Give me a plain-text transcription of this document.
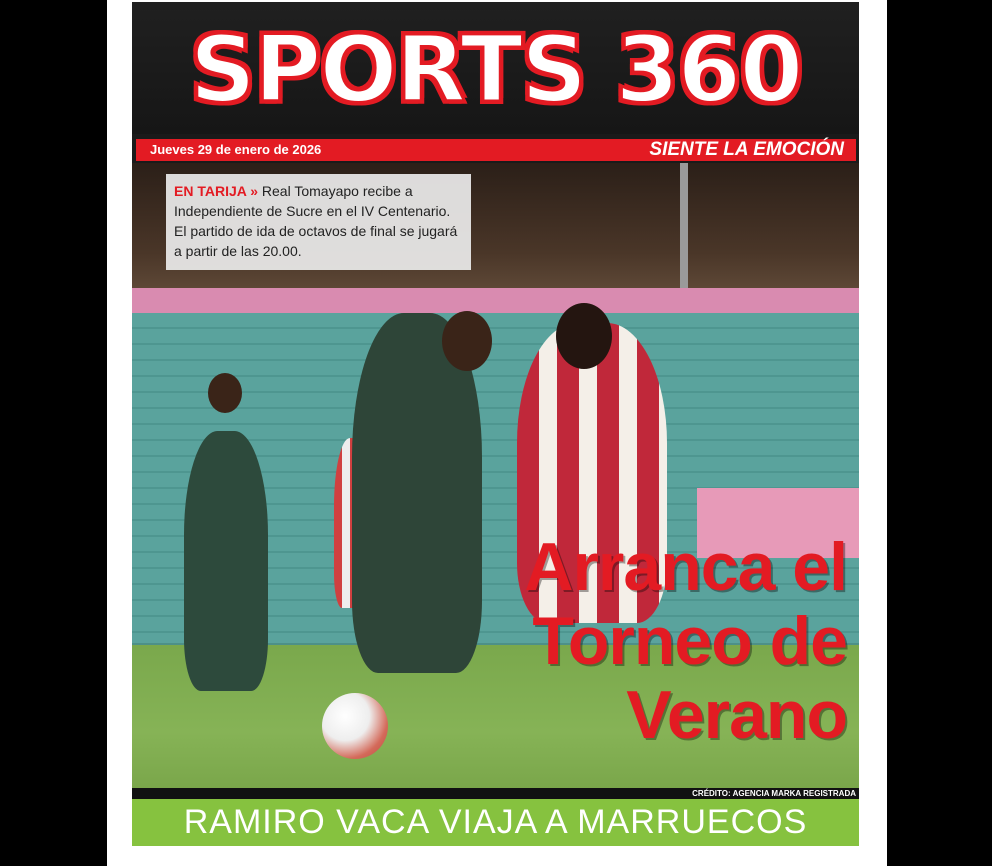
SPORTS 360
Jueves 29 de enero de 2026	SIENTE LA EMOCIÓN
EN TARIJA » Real Tomayapo recibe a Independiente de Sucre en el IV Centenario. El partido de ida de octavos de final se jugará a partir de las 20.00.
Arranca el
Torneo de
Verano
CRÉDITO: AGENCIA MARKA REGISTRADA
RAMIRO VACA VIAJA A MARRUECOS
